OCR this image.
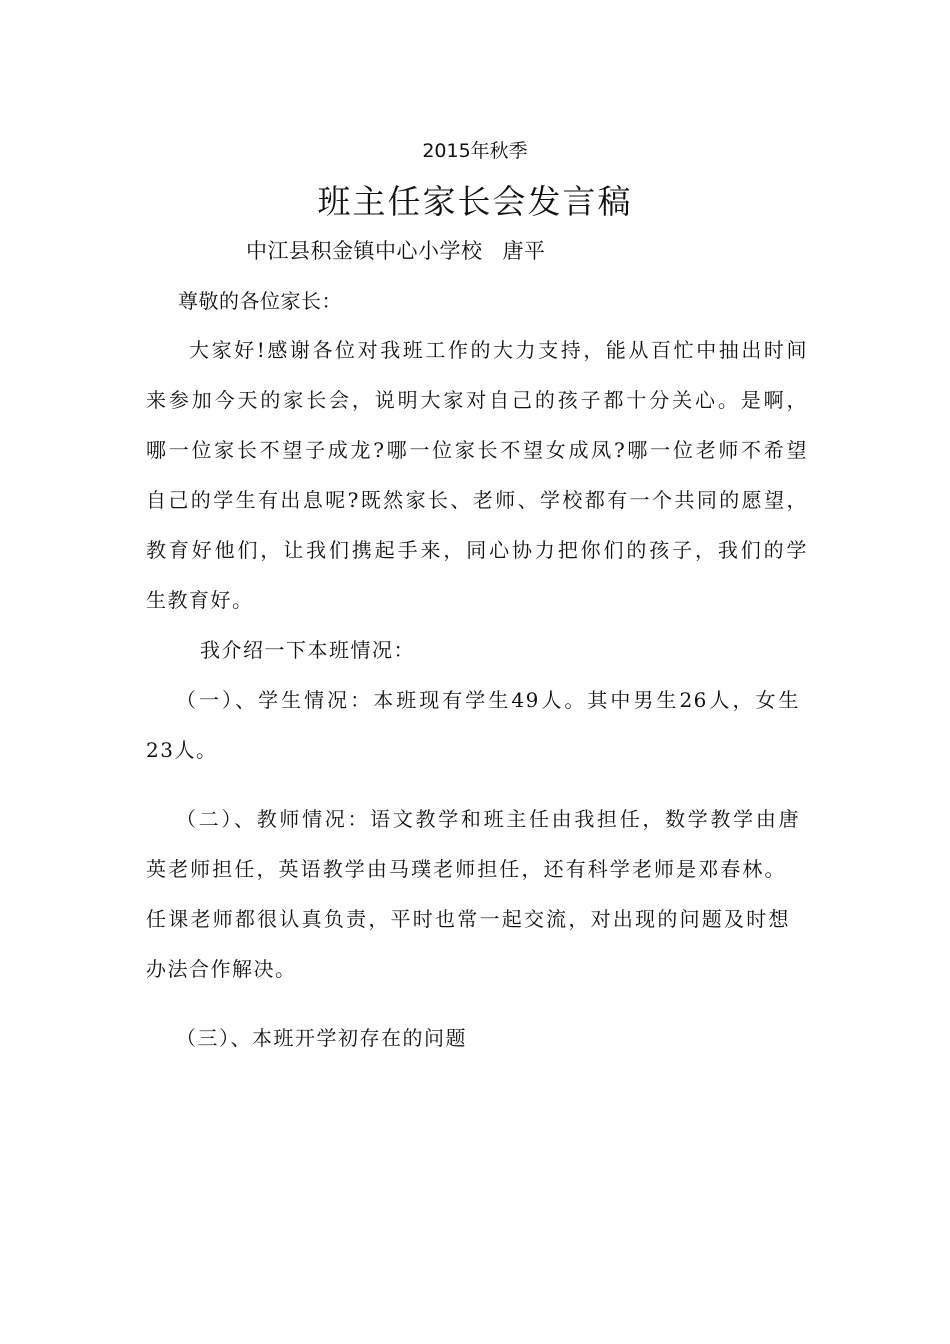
2015年秋季
班主任家长会发言稿
中江县积金镇中心小学校 唐平
尊敬的各位家长：
大家好!感谢各位对我班工作的大力支持，能从百忙中抽出时间
来参加今天的家长会，说明大家对自己的孩子都十分关心。是啊，
哪一位家长不望子成龙?哪一位家长不望女成凤?哪一位老师不希望
自己的学生有出息呢?既然家长、老师、学校都有一个共同的愿望，
教育好他们，让我们携起手来，同心协力把你们的孩子，我们的学
生教育好。
我介绍一下本班情况：
（一）、学生情况：本班现有学生49人。其中男生26人，女生
23人。
（二）、教师情况：语文教学和班主任由我担任，数学教学由唐
英老师担任，英语教学由马璞老师担任，还有科学老师是邓春林。
任课老师都很认真负责，平时也常一起交流，对出现的问题及时想
办法合作解决。
（三）、本班开学初存在的问题
